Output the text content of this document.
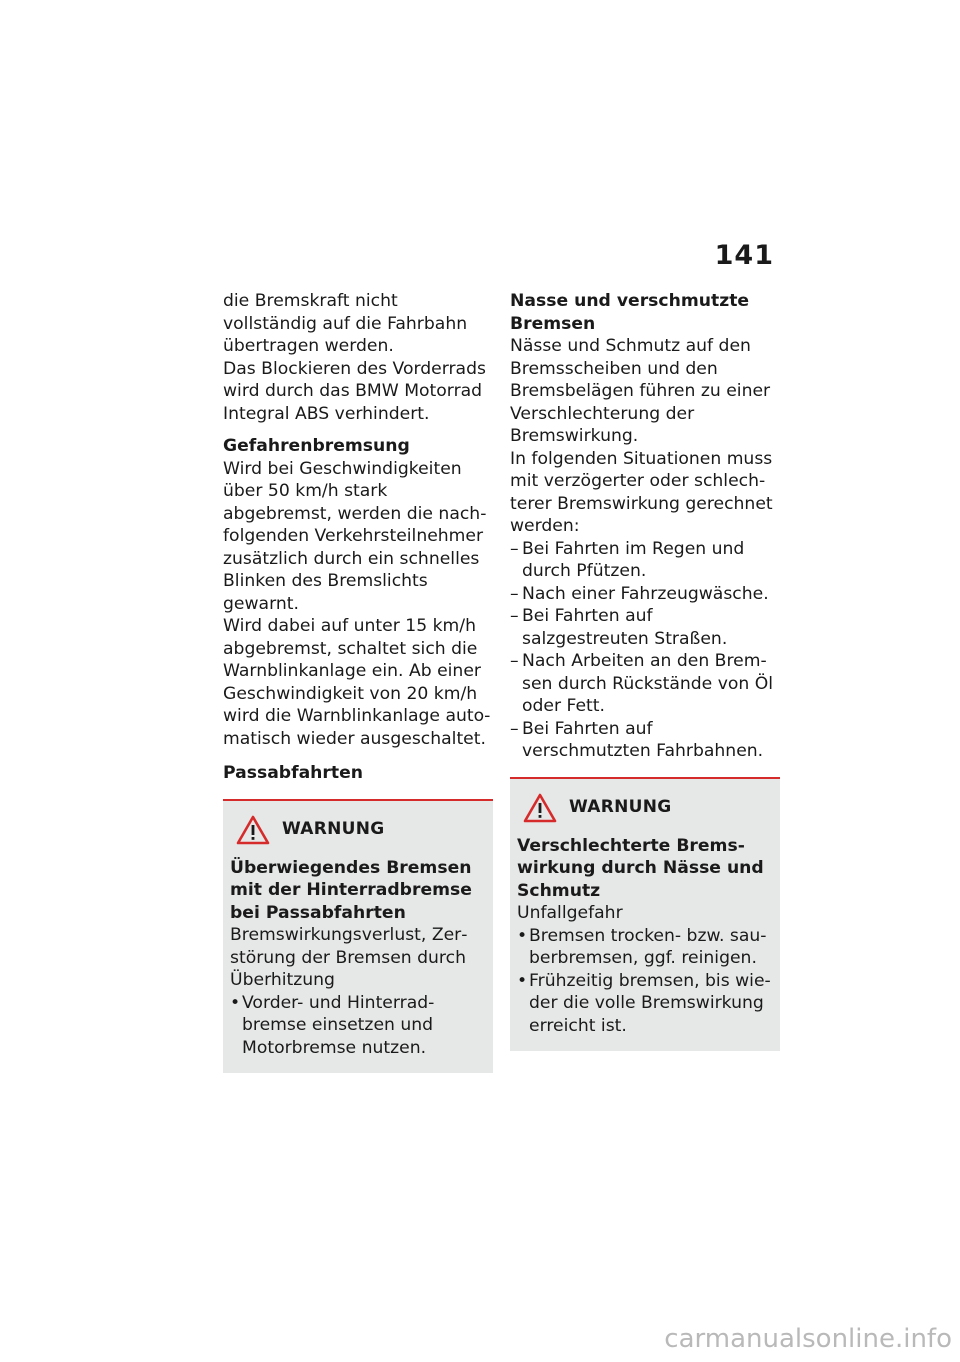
141

die Bremskraft nicht vollständig auf die Fahrbahn übertragen werden.

Das Blockieren des Vorderrads wird durch das BMW Motorrad Integral ABS verhindert.

Gefahrenbremsung

Wird bei Geschwindigkeiten über 50 km/h stark abgebremst, werden die nachfolgenden Verkehrsteilnehmer zusätzlich durch ein schnelles Blinken des Bremslichts gewarnt.

Wird dabei auf unter 15 km/h abgebremst, schaltet sich die Warnblinkanlage ein. Ab einer Geschwindigkeit von 20 km/h wird die Warnblinkanlage automatisch wieder ausgeschaltet.

Passabfahrten

WARNUNG

Überwiegendes Bremsen mit der Hinterradbremse bei Passabfahrten

Bremswirkungsverlust, Zerstörung der Bremsen durch Überhitzung

• Vorder- und Hinterradbremse einsetzen und Motorbremse nutzen.

Nasse und verschmutzte Bremsen

Nässe und Schmutz auf den Bremsscheiben und den Bremsbelägen führen zu einer Verschlechterung der Bremswirkung.

In folgenden Situationen muss mit verzögerter oder schlechterer Bremswirkung gerechnet werden:

– Bei Fahrten im Regen und durch Pfützen.
– Nach einer Fahrzeugwäsche.
– Bei Fahrten auf salzgestreuten Straßen.
– Nach Arbeiten an den Bremsen durch Rückstände von Öl oder Fett.
– Bei Fahrten auf verschmutzten Fahrbahnen.
WARNUNG

Verschlechterte Bremswirkung durch Nässe und Schmutz

Unfallgefahr

• Bremsen trocken- bzw. sauberbremsen, ggf. reinigen.
• Frühzeitig bremsen, bis wieder die volle Bremswirkung erreicht ist.
carmanualsonline.info
